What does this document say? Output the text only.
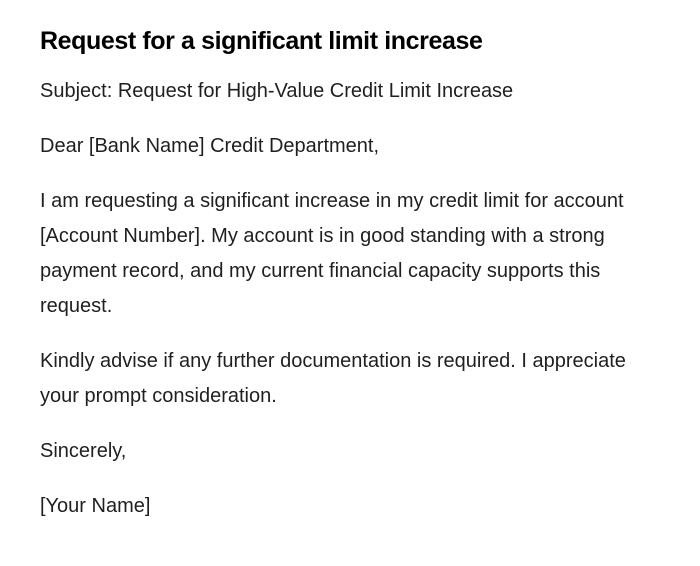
Request for a significant limit increase

Subject: Request for High-Value Credit Limit Increase

Dear [Bank Name] Credit Department,

I am requesting a significant increase in my credit limit for account [Account Number]. My account is in good standing with a strong payment record, and my current financial capacity supports this request.

Kindly advise if any further documentation is required. I appreciate your prompt consideration.

Sincerely,

[Your Name]
